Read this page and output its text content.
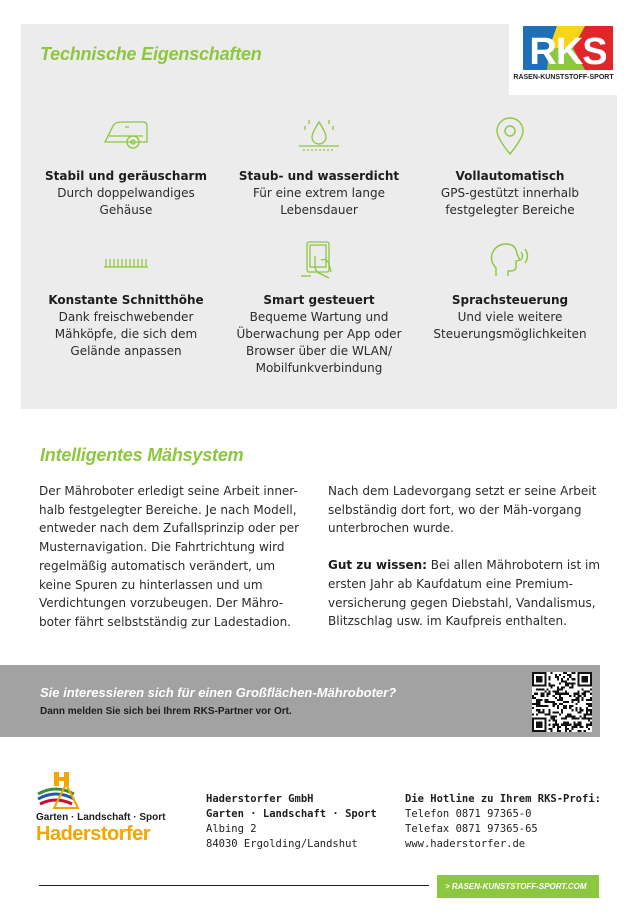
Technische Eigenschaften	RKS
RASEN-KUNSTSTOFF-SPORT
Stabil und geräuscharm
Durch doppelwandiges Gehäuse
Staub- und wasserdicht
Für eine extrem lange Lebensdauer
Vollautomatisch
GPS-gestützt innerhalb festgelegter Bereiche
Konstante Schnitthöhe
Dank freischwebender Mähköpfe, die sich dem Gelände anpassen
Smart gesteuert
Bequeme Wartung und Überwachung per App oder Browser über die WLAN/ Mobilfunkverbindung
Sprachsteuerung
Und viele weitere Steuerungsmöglichkeiten
Intelligentes Mähsystem

Der Mähroboter erledigt seine Arbeit inner-halb festgelegter Bereiche. Je nach Modell, entweder nach dem Zufallsprinzip oder per Musternavigation. Die Fahrtrichtung wird regelmäßig automatisch verändert, um keine Spuren zu hinterlassen und um Verdichtungen vorzubeugen. Der Mähro-boter fährt selbstständig zur Ladestadion.

Nach dem Ladevorgang setzt er seine Arbeit selbständig dort fort, wo der Mäh-vorgang unterbrochen wurde.

Gut zu wissen: Bei allen Mährobotern ist im ersten Jahr ab Kaufdatum eine Premium-versicherung gegen Diebstahl, Vandalismus, Blitzschlag usw. im Kaufpreis enthalten.

Sie interessieren sich für einen Großflächen-Mähroboter?
Dann melden Sie sich bei Ihrem RKS-Partner vor Ort.
Garten · Landschaft · Sport
Haderstorfer
Haderstorfer GmbH
Garten · Landschaft · Sport
Albing 2
84030 Ergolding/Landshut
Die Hotline zu Ihrem RKS-Profi:
Telefon 0871 97365-0
Telefax 0871 97365-65
www.haderstorfer.de
> RASEN-KUNSTSTOFF-SPORT.COM
